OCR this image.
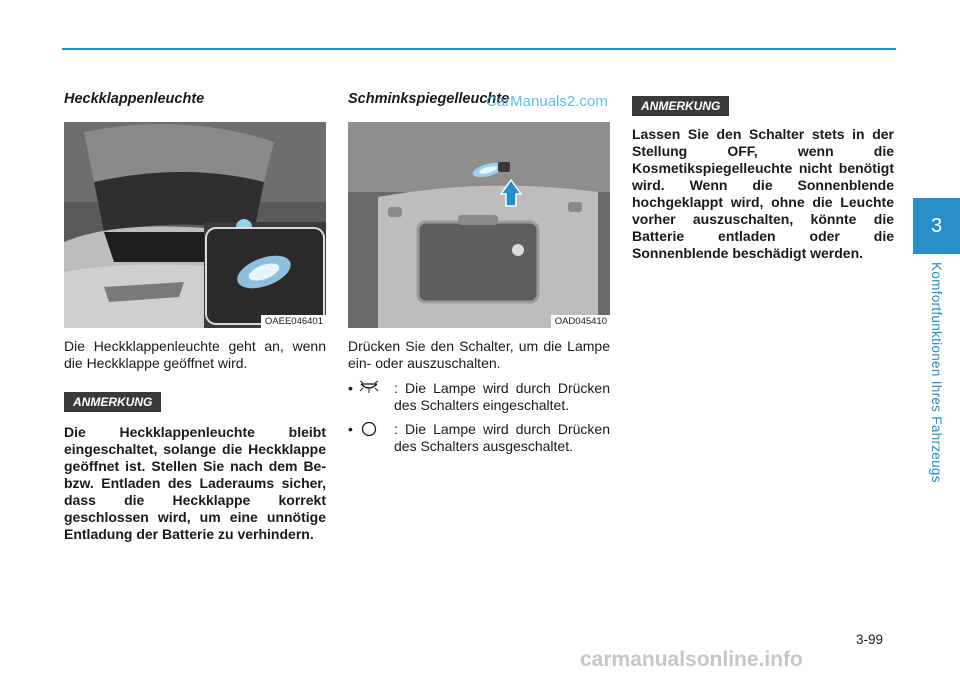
Heckklappenleuchte
OAEE046401

Die Heckklappenleuchte geht an, wenn die Heckklappe geöffnet wird.

ANMERKUNG

Die Heckklappenleuchte bleibt eingeschaltet, solange die Heckklappe geöffnet ist. Stellen Sie nach dem Be- bzw. Entladen des Laderaums sicher, dass die Heckklappe korrekt geschlossen wird, um eine unnötige Entladung der Batterie zu verhindern.

Schminkspiegelleuchte
OAD045410

Drücken Sie den Schalter, um die Lampe ein- oder auszuschalten.

•	: Die Lampe wird durch Drücken des Schalters eingeschaltet.
•	: Die Lampe wird durch Drücken des Schalters ausgeschaltet.
ANMERKUNG

Lassen Sie den Schalter stets in der Stellung OFF, wenn die Kosmetikspiegelleuchte nicht benötigt wird. Wenn die Sonnenblende hochgeklappt wird, ohne die Leuchte vorher auszuschalten, könnte die Batterie entladen oder die Sonnenblende beschädigt werden.

3
Komfortfunktionen Ihres Fahrzeugs
3-99
CarManuals2.com
carmanualsonline.info
